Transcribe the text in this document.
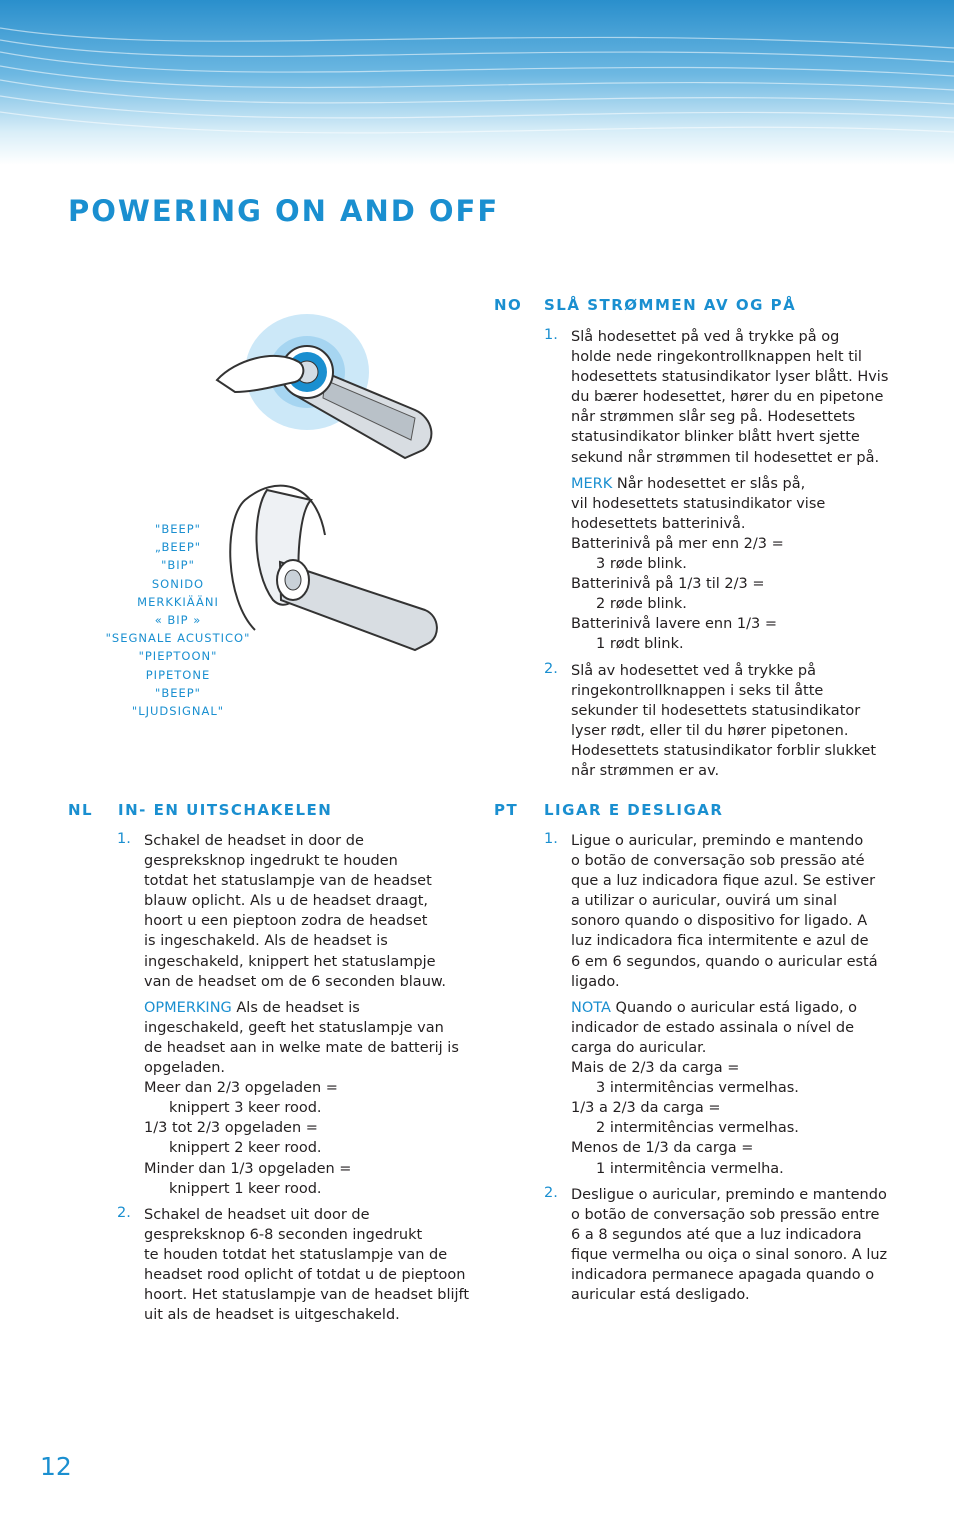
POWERING ON AND OFF
"BEEP"
„BEEP"
"BIP"
SONIDO
MERKKIÄÄNI
« BIP »
"SEGNALE ACUSTICO"
"PIEPTOON"
PIPETONE
"BEEP"
"LJUDSIGNAL"
NO SLÅ STRØMMEN AV OG PÅ
1. Slå hodesettet på ved å trykke på og
holde nede ringekontrollknappen helt til
hodesettets statusindikator lyser blått. Hvis
du bærer hodesettet, hører du en pipetone
når strømmen slår seg på. Hodesettets
statusindikator blinker blått hvert sjette
sekund når strømmen til hodesettet er på.
MERK Når hodesettet er slås på,
vil hodesettets statusindikator vise
hodesettets batterinivå.
Batterinivå på mer enn 2/3 =
3 røde blink.
Batterinivå på 1/3 til 2/3 =
2 røde blink.
Batterinivå lavere enn 1/3 =
1 rødt blink.
2. Slå av hodesettet ved å trykke på
ringekontrollknappen i seks til åtte
sekunder til hodesettets statusindikator
lyser rødt, eller til du hører pipetonen.
Hodesettets statusindikator forblir slukket
når strømmen er av.
NL IN- EN UITSCHAKELEN
1. Schakel de headset in door de
gespreksknop ingedrukt te houden
totdat het statuslampje van de headset
blauw oplicht. Als u de headset draagt,
hoort u een pieptoon zodra de headset
is ingeschakeld. Als de headset is
ingeschakeld, knippert het statuslampje
van de headset om de 6 seconden blauw.
OPMERKING Als de headset is
ingeschakeld, geeft het statuslampje van
de headset aan in welke mate de batterij is
opgeladen.
Meer dan 2/3 opgeladen =
knippert 3 keer rood.
1/3 tot 2/3 opgeladen =
knippert 2 keer rood.
Minder dan 1/3 opgeladen =
knippert 1 keer rood.
2. Schakel de headset uit door de
gespreksknop 6-8 seconden ingedrukt
te houden totdat het statuslampje van de
headset rood oplicht of totdat u de pieptoon
hoort. Het statuslampje van de headset blijft
uit als de headset is uitgeschakeld.
PT LIGAR E DESLIGAR
1. Ligue o auricular, premindo e mantendo
o botão de conversação sob pressão até
que a luz indicadora fique azul. Se estiver
a utilizar o auricular, ouvirá um sinal
sonoro quando o dispositivo for ligado. A
luz indicadora fica intermitente e azul de
6 em 6 segundos, quando o auricular está
ligado.
NOTA Quando o auricular está ligado, o
indicador de estado assinala o nível de
carga do auricular.
Mais de 2/3 da carga =
3 intermitências vermelhas.
1/3 a 2/3 da carga =
2 intermitências vermelhas.
Menos de 1/3 da carga =
1 intermitência vermelha.
2. Desligue o auricular, premindo e mantendo
o botão de conversação sob pressão entre
6 a 8 segundos até que a luz indicadora
fique vermelha ou oiça o sinal sonoro. A luz
indicadora permanece apagada quando o
auricular está desligado.
12
